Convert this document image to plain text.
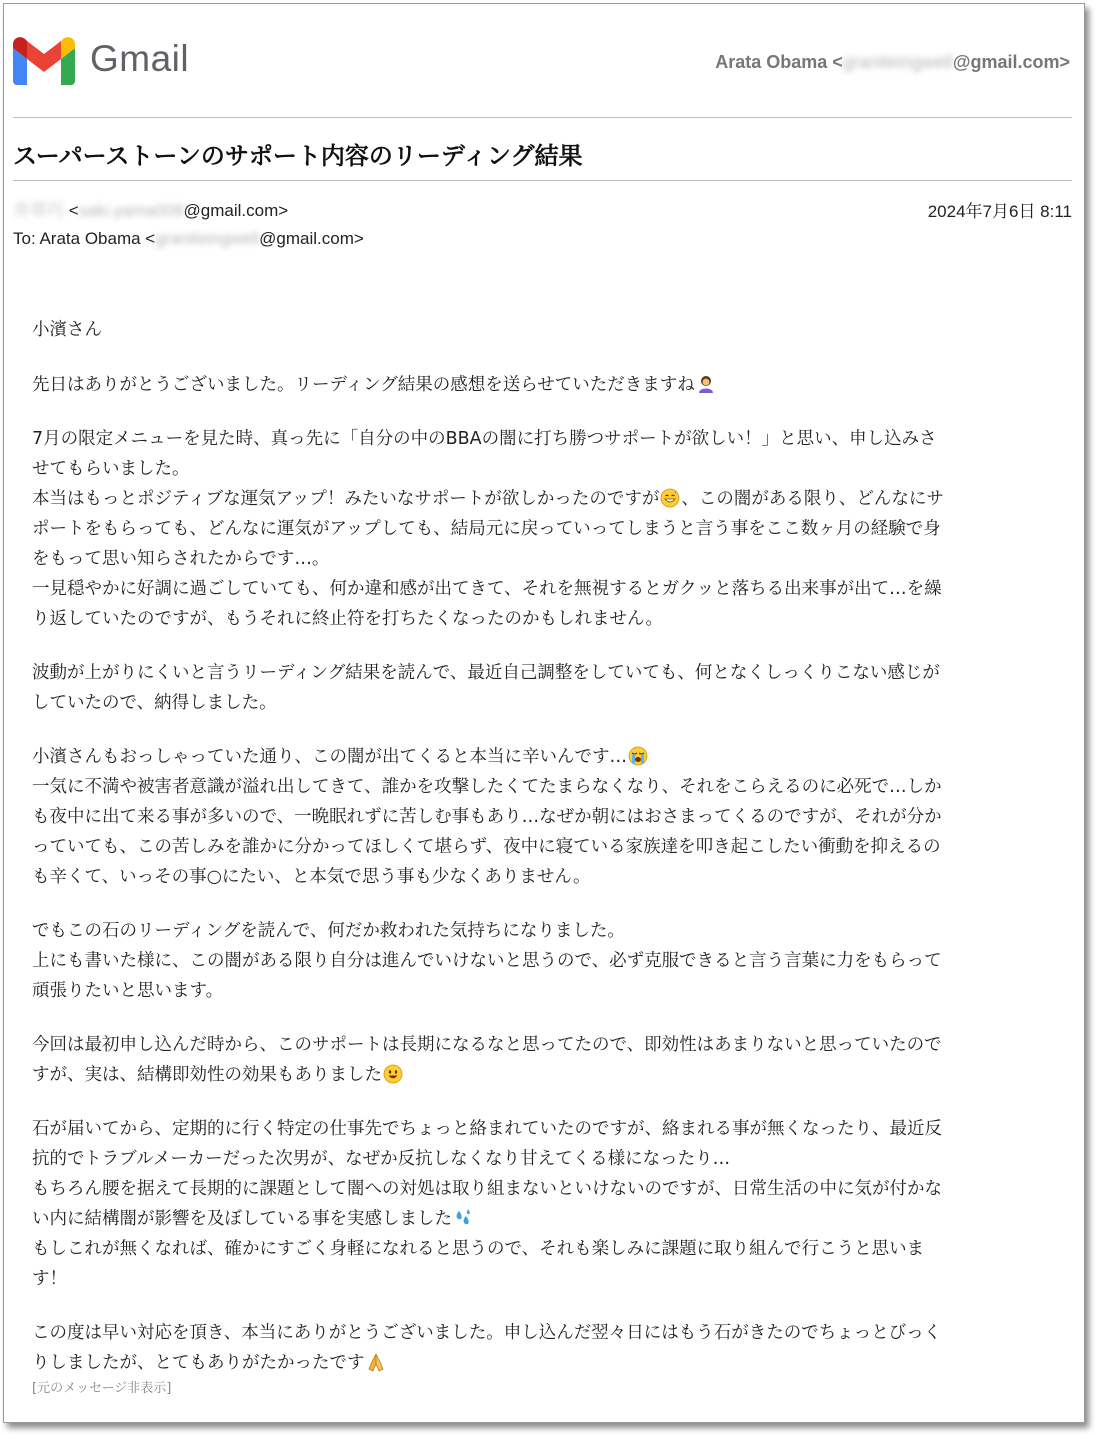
Gmail	Arata Obama <graniteingwell@gmail.com>
スーパーストーンのサポート内容のリーディング結果
井草巧 <saki.yama008@gmail.com>	2024年7月6日 8:11
To: Arata Obama <graniteingwell@gmail.com>
小濱さん
先日はありがとうございました。リーディング結果の感想を送らせていただきますね
7月の限定メニューを見た時、真っ先に「自分の中のBBAの闇に打ち勝つサポートが欲しい！」と思い、申し込みさ
せてもらいました。
本当はもっとポジティブな運気アップ！みたいなサポートが欲しかったのですが 、この闇がある限り、どんなにサ
ポートをもらっても、どんなに運気がアップしても、結局元に戻っていってしまうと言う事をここ数ヶ月の経験で身
をもって思い知らされたからです…。
一見穏やかに好調に過ごしていても、何か違和感が出てきて、それを無視するとガクッと落ちる出来事が出て…を繰
り返していたのですが、もうそれに終止符を打ちたくなったのかもしれません。
波動が上がりにくいと言うリーディング結果を読んで、最近自己調整をしていても、何となくしっくりこない感じが
していたので、納得しました。
小濱さんもおっしゃっていた通り、この闇が出てくると本当に辛いんです…
一気に不満や被害者意識が溢れ出してきて、誰かを攻撃したくてたまらなくなり、それをこらえるのに必死で…しか
も夜中に出て来る事が多いので、一晩眠れずに苦しむ事もあり…なぜか朝にはおさまってくるのですが、それが分か
っていても、この苦しみを誰かに分かってほしくて堪らず、夜中に寝ている家族達を叩き起こしたい衝動を抑えるの
も辛くて、いっその事○にたい、と本気で思う事も少なくありません。
でもこの石のリーディングを読んで、何だか救われた気持ちになりました。
上にも書いた様に、この闇がある限り自分は進んでいけないと思うので、必ず克服できると言う言葉に力をもらって
頑張りたいと思います。
今回は最初申し込んだ時から、このサポートは長期になるなと思ってたので、即効性はあまりないと思っていたので
すが、実は、結構即効性の効果もありました
石が届いてから、定期的に行く特定の仕事先でちょっと絡まれていたのですが、絡まれる事が無くなったり、最近反
抗的でトラブルメーカーだった次男が、なぜか反抗しなくなり甘えてくる様になったり…
もちろん腰を据えて長期的に課題として闇への対処は取り組まないといけないのですが、日常生活の中に気が付かな
い内に結構闇が影響を及ぼしている事を実感しました
もしこれが無くなれば、確かにすごく身軽になれると思うので、それも楽しみに課題に取り組んで行こうと思いま
す！
この度は早い対応を頂き、本当にありがとうございました。申し込んだ翌々日にはもう石がきたのでちょっとびっく
りしましたが、とてもありがたかったです
[元のメッセージ非表示]
